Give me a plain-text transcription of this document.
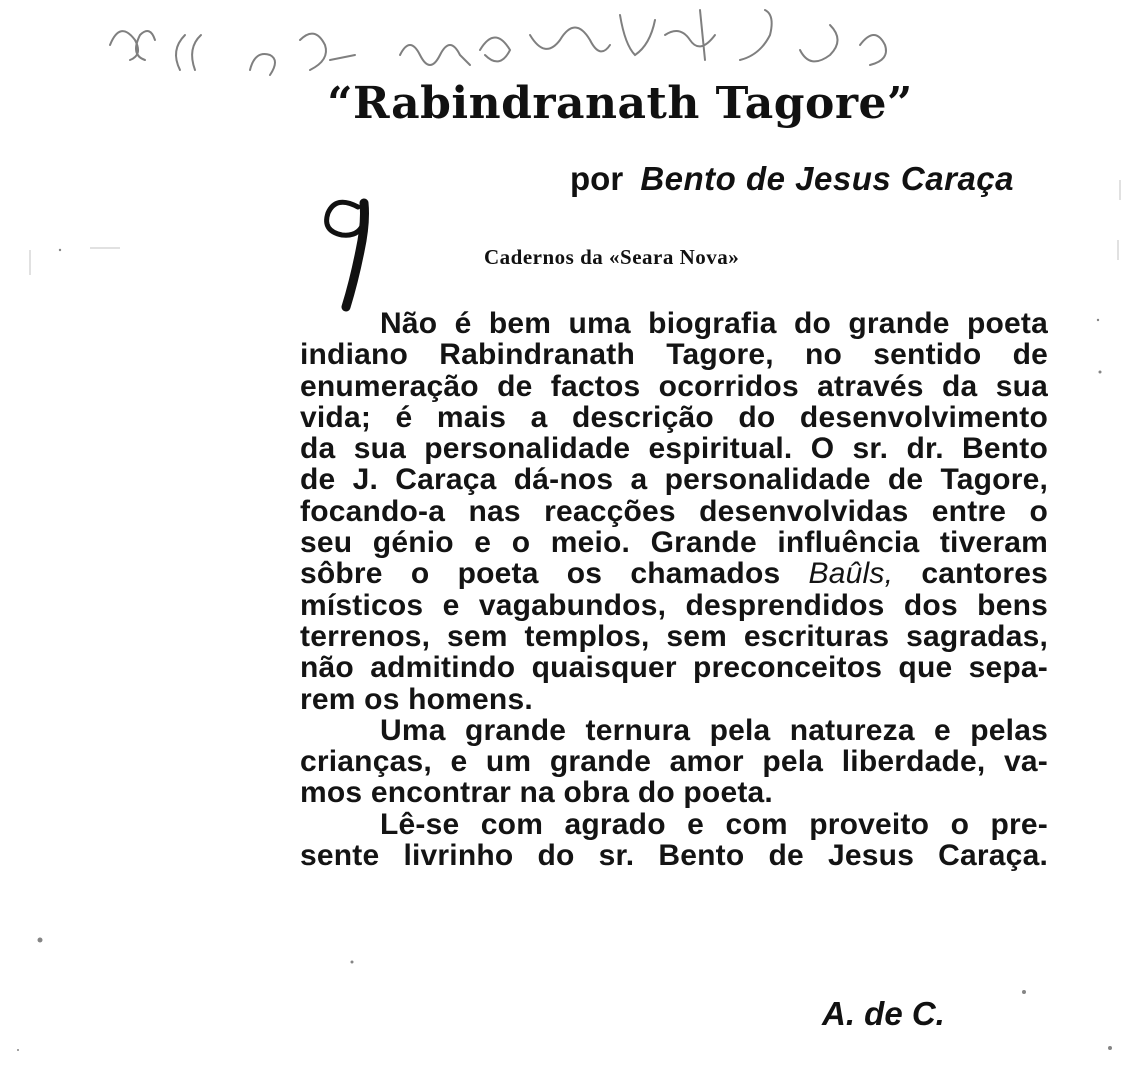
“Rabindranath Tagore”
por Bento de Jesus Caraça
9
Cadernos da «Seara Nova»
Não é bem uma biografia do grande poeta
indiano Rabindranath Tagore, no sentido de
enumeração de factos ocorridos através da sua
vida; é mais a descrição do desenvolvimento
da sua personalidade espiritual. O sr. dr. Bento
de J. Caraça dá-nos a personalidade de Tagore,
focando-a nas reacções desenvolvidas entre o
seu génio e o meio. Grande influência tiveram
sôbre o poeta os chamados Baûls, cantores
místicos e vagabundos, desprendidos dos bens
terrenos, sem templos, sem escrituras sagradas,
não admitindo quaisquer preconceitos que sepa-
rem os homens.
Uma grande ternura pela natureza e pelas
crianças, e um grande amor pela liberdade, va-
mos encontrar na obra do poeta.
Lê-se com agrado e com proveito o pre-
sente livrinho do sr. Bento de Jesus Caraça.
A. de C.
